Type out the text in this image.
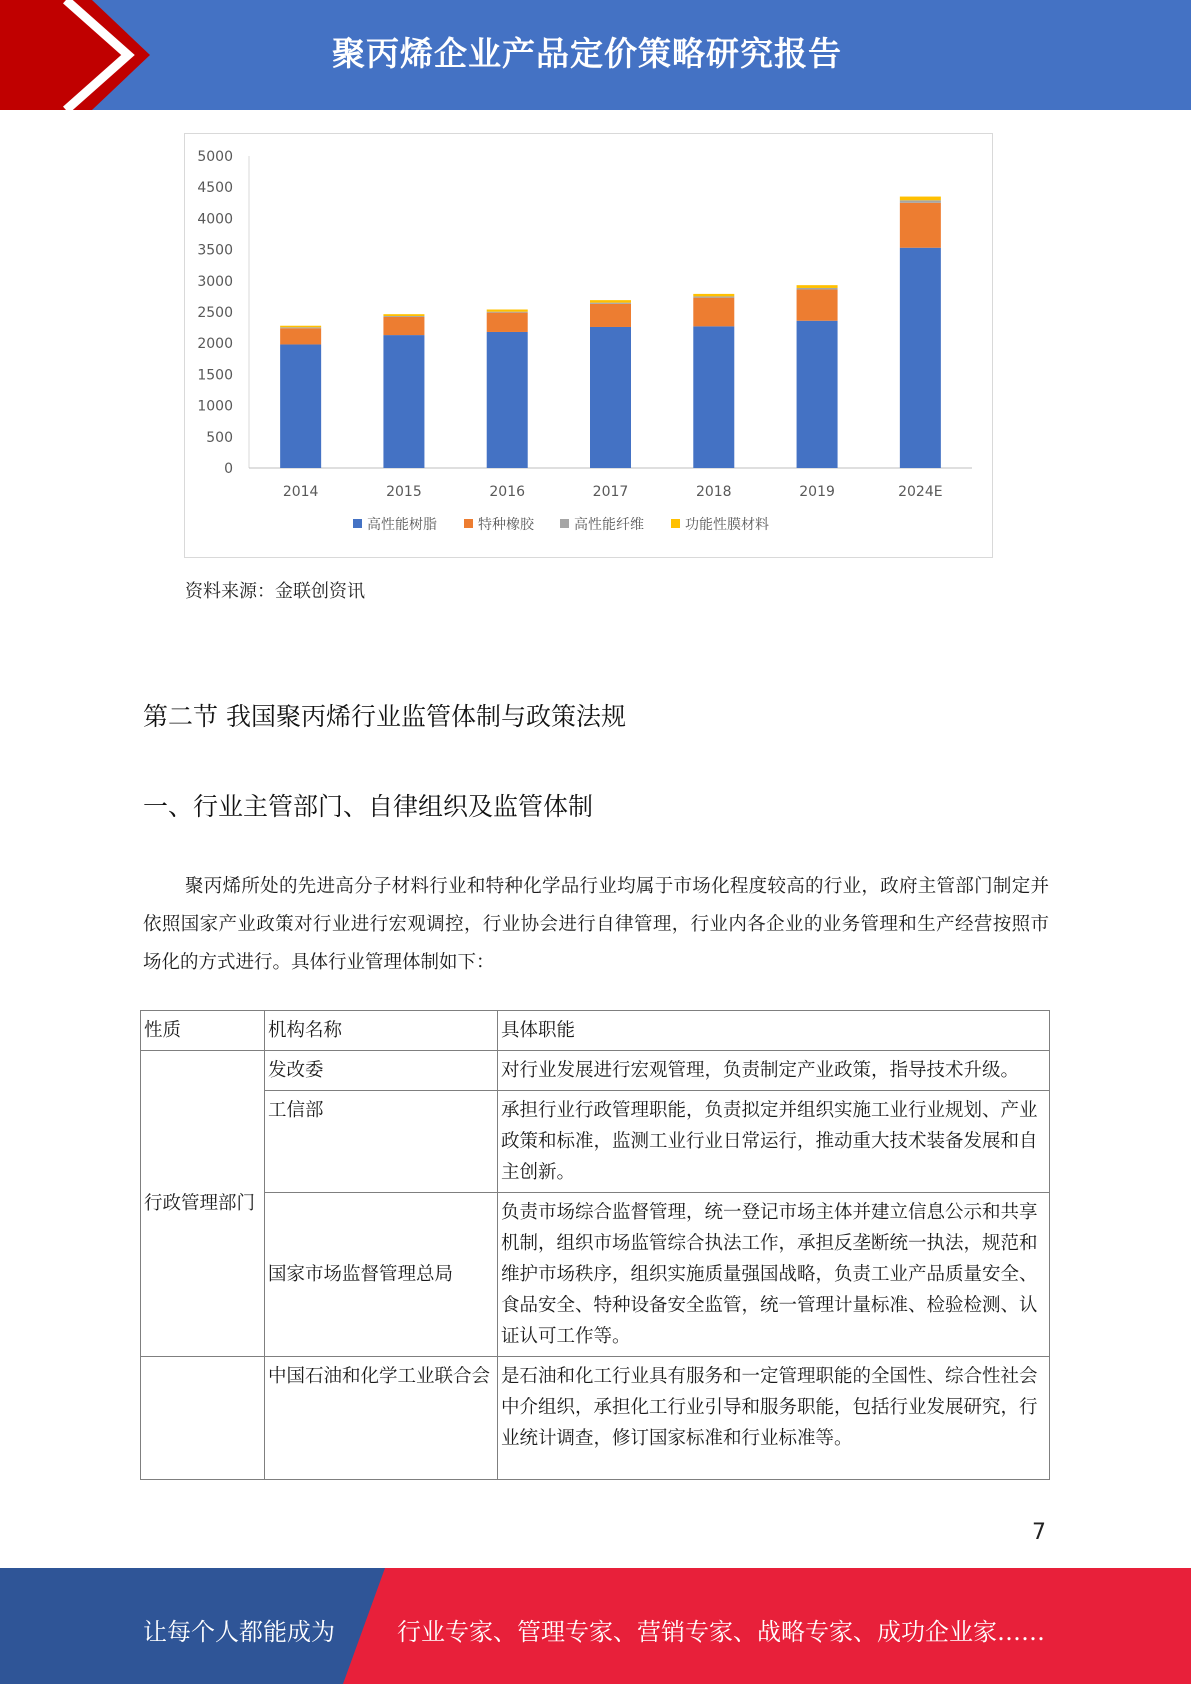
聚丙烯企业产品定价策略研究报告
0
500
1000
1500
2000
2500
3000
3500
4000
4500
5000
2014	2015	2016	2017	2018	2019	2024E
高性能树脂	特种橡胶	高性能纤维	功能性膜材料
资料来源：金联创资讯
第二节 我国聚丙烯行业监管体制与政策法规
一、行业主管部门、自律组织及监管体制
聚丙烯所处的先进高分子材料行业和特种化学品行业均属于市场化程度较高的行业，政府主管部门制定并依照国家产业政策对行业进行宏观调控，行业协会进行自律管理，行业内各企业的业务管理和生产经营按照市场化的方式进行。具体行业管理体制如下：
性质	机构名称	具体职能
行政管理部门	发改委	对行业发展进行宏观管理，负责制定产业政策，指导技术升级。
	工信部	承担行业行政管理职能，负责拟定并组织实施工业行业规划、产业政策和标准，监测工业行业日常运行，推动重大技术装备发展和自主创新。
	国家市场监督管理总局	负责市场综合监督管理，统一登记市场主体并建立信息公示和共享机制，组织市场监管综合执法工作，承担反垄断统一执法，规范和维护市场秩序，组织实施质量强国战略，负责工业产品质量安全、食品安全、特种设备安全监管，统一管理计量标准、检验检测、认证认可工作等。
	中国石油和化学工业联合会	是石油和化工行业具有服务和一定管理职能的全国性、综合性社会中介组织，承担化工行业引导和服务职能，包括行业发展研究，行业统计调查，修订国家标准和行业标准等。
7
让每个人都能成为	行业专家、管理专家、营销专家、战略专家、成功企业家……
